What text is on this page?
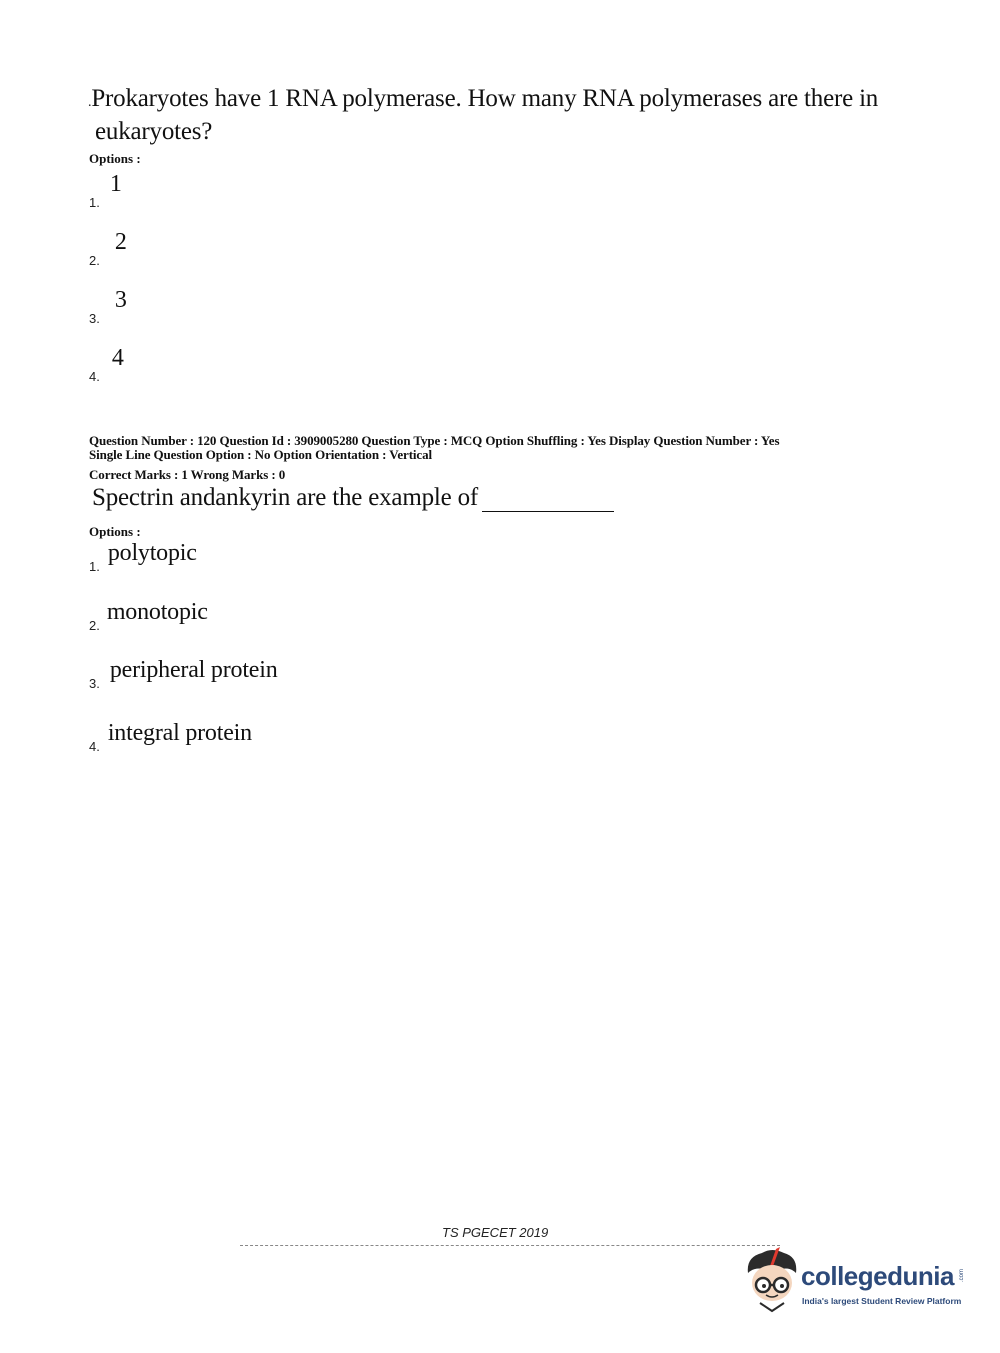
.Prokaryotes have 1 RNA polymerase. How many RNA polymerases are there in
eukaryotes?
Options :
$_{1.}$ 1
$_{2.}$ 2
$_{3.}$ 3
$_{4.}$ 4
Question Number : 120 Question Id : 3909005280 Question Type : MCQ Option Shuffling : Yes Display Question Number : Yes
Single Line Question Option : No Option Orientation : Vertical
Correct Marks : 1 Wrong Marks : 0
Spectrin andankyrin are the example of
Options :
$_{1.}$ polytopic
$_{2.}$ monotopic
$_{3.}$ peripheral protein
$_{4.}$ integral protein
TS PGECET 2019
collegedunia .com
India's largest Student Review Platform
